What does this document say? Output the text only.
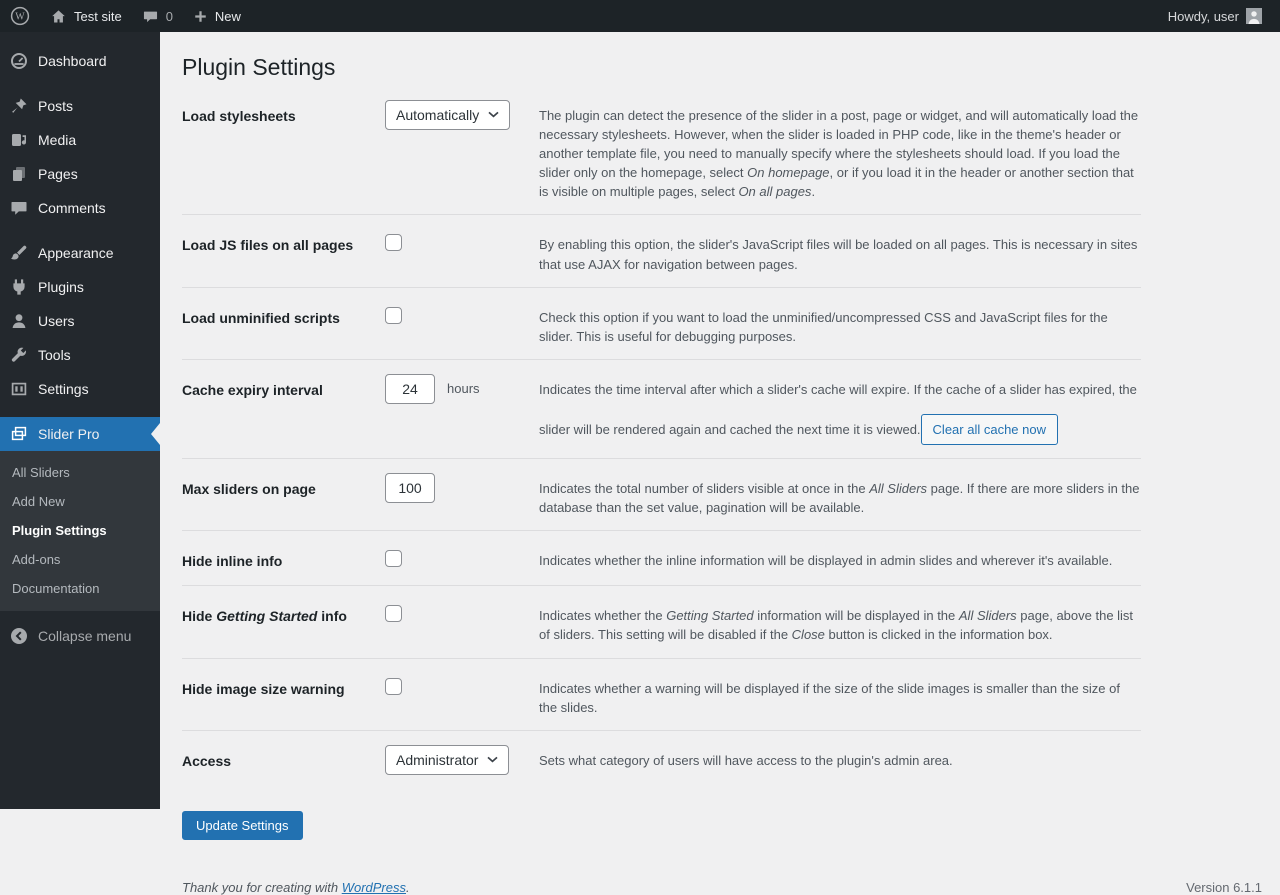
W	Test site	0	New	Howdy, user
Dashboard
Posts
Media
Pages
Comments
Appearance
Plugins
Users
Tools
Settings
Slider Pro
All Sliders
Add New
Plugin Settings
Add-ons
Documentation
Collapse menu
Plugin Settings
Load stylesheets	Automatically	The plugin can detect the presence of the slider in a post, page or widget, and will automatically load the necessary stylesheets. However, when the slider is loaded in PHP code, like in the theme's header or another template file, you need to manually specify where the stylesheets should load. If you load the slider only on the homepage, select On homepage, or if you load it in the header or another section that is visible on multiple pages, select On all pages.
Load JS files on all pages	By enabling this option, the slider's JavaScript files will be loaded on all pages. This is necessary in sites that use AJAX for navigation between pages.
Load unminified scripts	Check this option if you want to load the unminified/uncompressed CSS and JavaScript files for the slider. This is useful for debugging purposes.
Cache expiry interval	24	hours	Indicates the time interval after which a slider's cache will expire. If the cache of a slider has expired, the slider will be rendered again and cached the next time it is viewed. Clear all cache now
Max sliders on page	100	Indicates the total number of sliders visible at once in the All Sliders page. If there are more sliders in the database than the set value, pagination will be available.
Hide inline info	Indicates whether the inline information will be displayed in admin slides and wherever it's available.
Hide Getting Started info	Indicates whether the Getting Started information will be displayed in the All Sliders page, above the list of sliders. This setting will be disabled if the Close button is clicked in the information box.
Hide image size warning	Indicates whether a warning will be displayed if the size of the slide images is smaller than the size of the slides.
Access	Administrator	Sets what category of users will have access to the plugin's admin area.
Update Settings
Thank you for creating with WordPress.	Version 6.1.1
